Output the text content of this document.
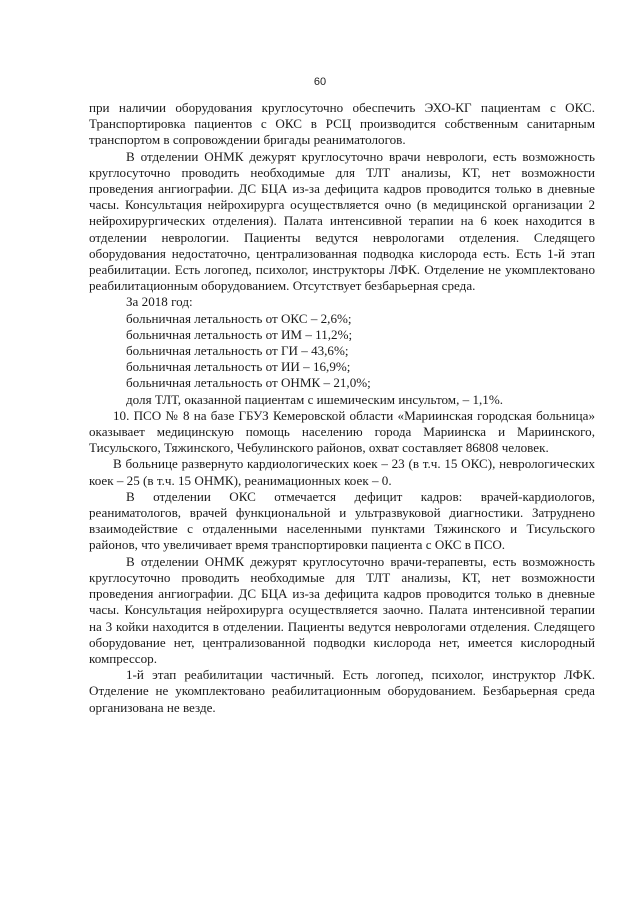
60

при наличии оборудования круглосуточно обеспечить ЭХО-КГ пациентам с ОКС. Транспортировка пациентов с ОКС в РСЦ производится собственным санитарным транспортом в сопровождении бригады реаниматологов.

В отделении ОНМК дежурят круглосуточно врачи неврологи, есть возможность круглосуточно проводить необходимые для ТЛТ анализы, КТ, нет возможности проведения ангиографии. ДС БЦА из-за дефицита кадров проводится только в дневные часы. Консультация нейрохирурга осуществляется очно (в медицинской организации 2 нейрохирургических отделения). Палата интенсивной терапии на 6 коек находится в отделении неврологии. Пациенты ведутся неврологами отделения. Следящего оборудования недостаточно, централизованная подводка кислорода есть. Есть 1-й этап реабилитации. Есть логопед, психолог, инструкторы ЛФК. Отделение не укомплектовано реабилитационным оборудованием. Отсутствует безбарьерная среда.

За 2018 год:
больничная летальность от ОКС – 2,6%;
больничная летальность от ИМ – 11,2%;
больничная летальность от ГИ – 43,6%;
больничная летальность от ИИ – 16,9%;
больничная летальность от ОНМК – 21,0%;
доля ТЛТ, оказанной пациентам с ишемическим инсультом, – 1,1%.

10. ПСО № 8 на базе ГБУЗ Кемеровской области «Мариинская городская больница» оказывает медицинскую помощь населению города Мариинска и Мариинского, Тисульского, Тяжинского, Чебулинского районов, охват составляет 86808 человек.

В больнице развернуто кардиологических коек – 23 (в т.ч. 15 ОКС), неврологических коек – 25 (в т.ч. 15 ОНМК), реанимационных коек – 0.

В отделении ОКС отмечается дефицит кадров: врачей-кардиологов, реаниматологов, врачей функциональной и ультразвуковой диагностики. Затруднено взаимодействие с отдаленными населенными пунктами Тяжинского и Тисульского районов, что увеличивает время транспортировки пациента с ОКС в ПСО.

В отделении ОНМК дежурят круглосуточно врачи-терапевты, есть возможность круглосуточно проводить необходимые для ТЛТ анализы, КТ, нет возможности проведения ангиографии. ДС БЦА из-за дефицита кадров проводится только в дневные часы. Консультация нейрохирурга осуществляется заочно. Палата интенсивной терапии на 3 койки находится в отделении. Пациенты ведутся неврологами отделения. Следящего оборудование нет, централизованной подводки кислорода нет, имеется кислородный компрессор.

1-й этап реабилитации частичный. Есть логопед, психолог, инструктор ЛФК. Отделение не укомплектовано реабилитационным оборудованием. Безбарьерная среда организована не везде.
